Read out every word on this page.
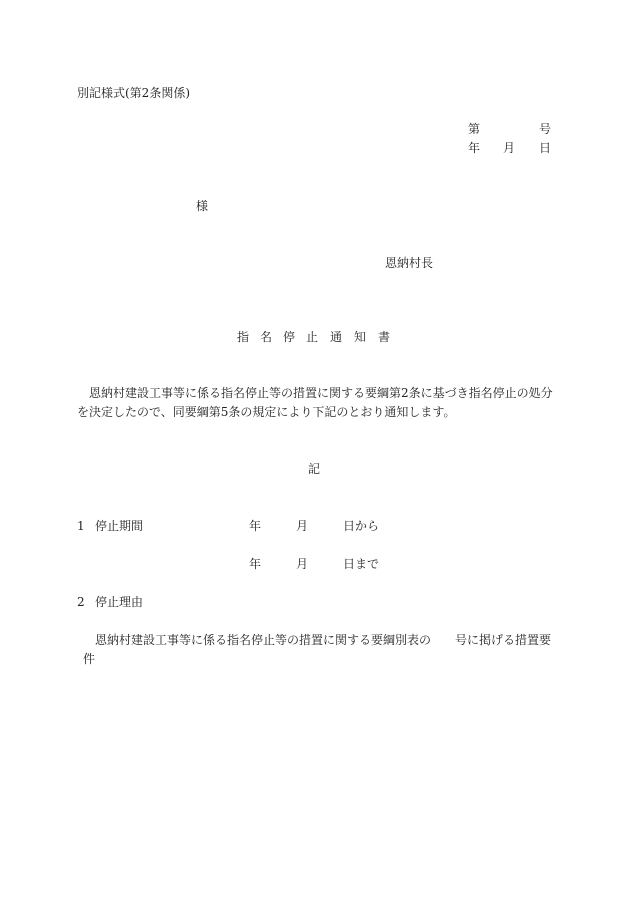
別記様式(第2条関係)
第	号
年 月 日
様
恩納村長
指 名 停 止 通 知 書
恩納村建設工事等に係る指名停止等の措置に関する要綱第2条に基づき指名停止の処分
を決定したので、同要綱第5条の規定により下記のとおり通知します。
記
1 停止期間	年	月	日から
年	月	日まで
2 停止理由
恩納村建設工事等に係る指名停止等の措置に関する要綱別表の 号に掲げる措置要
件
